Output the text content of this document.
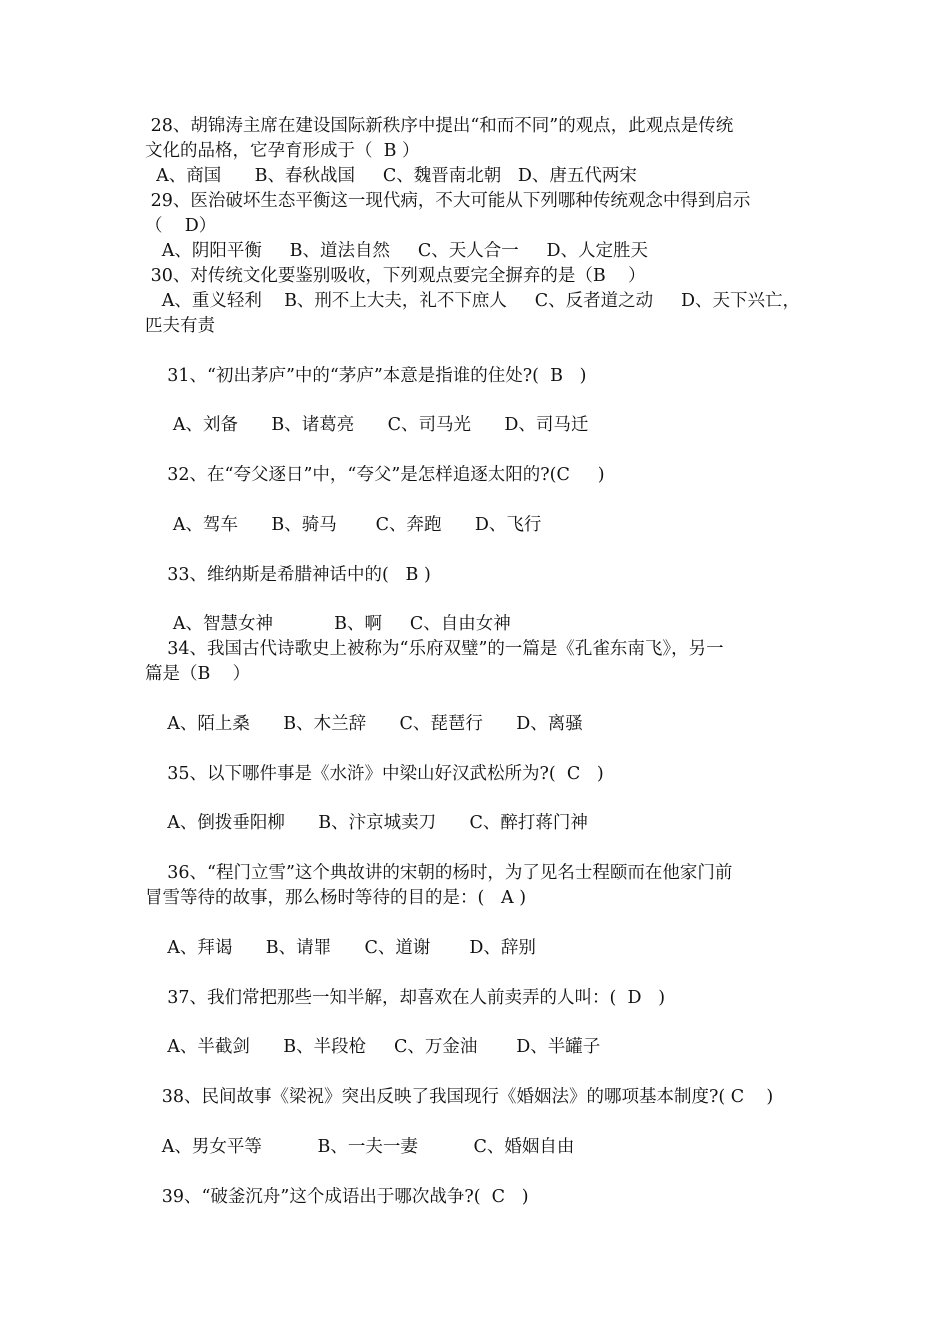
28、胡锦涛主席在建设国际新秩序中提出“和而不同”的观点，此观点是传统
文化的品格，它孕育形成于（  B ）
A、商国      B、春秋战国     C、魏晋南北朝   D、唐五代两宋
29、医治破坏生态平衡这一现代病，不大可能从下列哪种传统观念中得到启示
（    D）
A、阴阳平衡     B、道法自然     C、天人合一     D、人定胜天
30、对传统文化要鉴别吸收，下列观点要完全摒弃的是（B    ）
A、重义轻利    B、刑不上大夫，礼不下庶人     C、反者道之动     D、天下兴亡，
匹夫有责
31、“初出茅庐”中的“茅庐”本意是指谁的住处?(  B   )
A、刘备      B、诸葛亮      C、司马光      D、司马迁
32、在“夸父逐日”中，“夸父”是怎样追逐太阳的?(C     )
A、驾车      B、骑马       C、奔跑      D、飞行
33、维纳斯是希腊神话中的(   B )
A、智慧女神           B、啊     C、自由女神
34、我国古代诗歌史上被称为“乐府双璧”的一篇是《孔雀东南飞》，另一
篇是（B    ）
A、陌上桑      B、木兰辞      C、琵琶行      D、离骚
35、以下哪件事是《水浒》中梁山好汉武松所为?(  C   )
A、倒拨垂阳柳      B、汴京城卖刀      C、醉打蒋门神
36、“程门立雪”这个典故讲的宋朝的杨时，为了见名士程颐而在他家门前
冒雪等待的故事，那么杨时等待的目的是：(   A )
A、拜谒      B、请罪      C、道谢       D、辞别
37、我们常把那些一知半解，却喜欢在人前卖弄的人叫：(  D   )
A、半截剑      B、半段枪     C、万金油       D、半罐子
38、民间故事《梁祝》突出反映了我国现行《婚姻法》的哪项基本制度?( C    )
A、男女平等          B、一夫一妻          C、婚姻自由
39、“破釜沉舟”这个成语出于哪次战争?(  C   )
